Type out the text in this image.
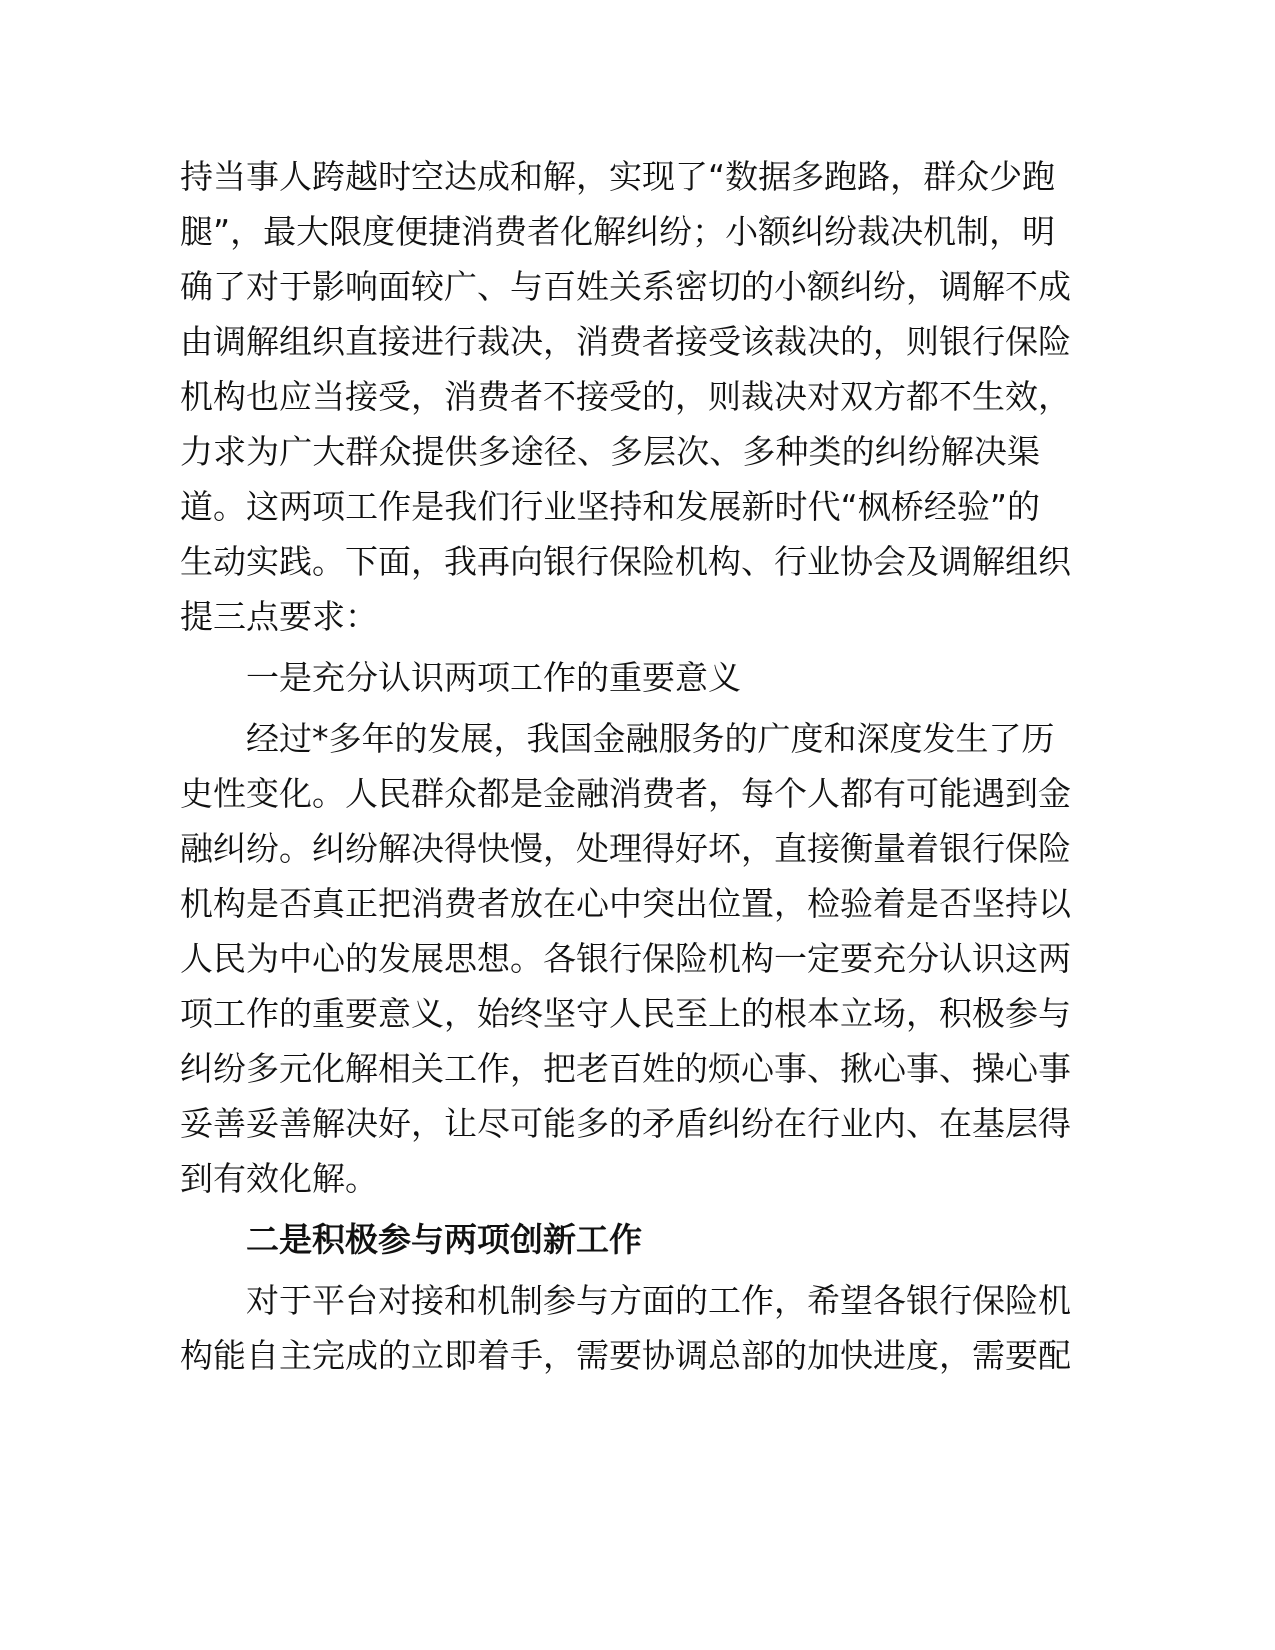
持当事人跨越时空达成和解，实现了“数据多跑路，群众少跑
腿”，最大限度便捷消费者化解纠纷；小额纠纷裁决机制，明
确了对于影响面较广、与百姓关系密切的小额纠纷，调解不成
由调解组织直接进行裁决，消费者接受该裁决的，则银行保险
机构也应当接受，消费者不接受的，则裁决对双方都不生效，
力求为广大群众提供多途径、多层次、多种类的纠纷解决渠
道。这两项工作是我们行业坚持和发展新时代“枫桥经验”的
生动实践。下面，我再向银行保险机构、行业协会及调解组织
提三点要求：
一是充分认识两项工作的重要意义
　　经过*多年的发展，我国金融服务的广度和深度发生了历
史性变化。人民群众都是金融消费者，每个人都有可能遇到金
融纠纷。纠纷解决得快慢，处理得好坏，直接衡量着银行保险
机构是否真正把消费者放在心中突出位置，检验着是否坚持以
人民为中心的发展思想。各银行保险机构一定要充分认识这两
项工作的重要意义，始终坚守人民至上的根本立场，积极参与
纠纷多元化解相关工作，把老百姓的烦心事、揪心事、操心事
妥善妥善解决好，让尽可能多的矛盾纠纷在行业内、在基层得
到有效化解。
二是积极参与两项创新工作
　　对于平台对接和机制参与方面的工作，希望各银行保险机
构能自主完成的立即着手，需要协调总部的加快进度，需要配
